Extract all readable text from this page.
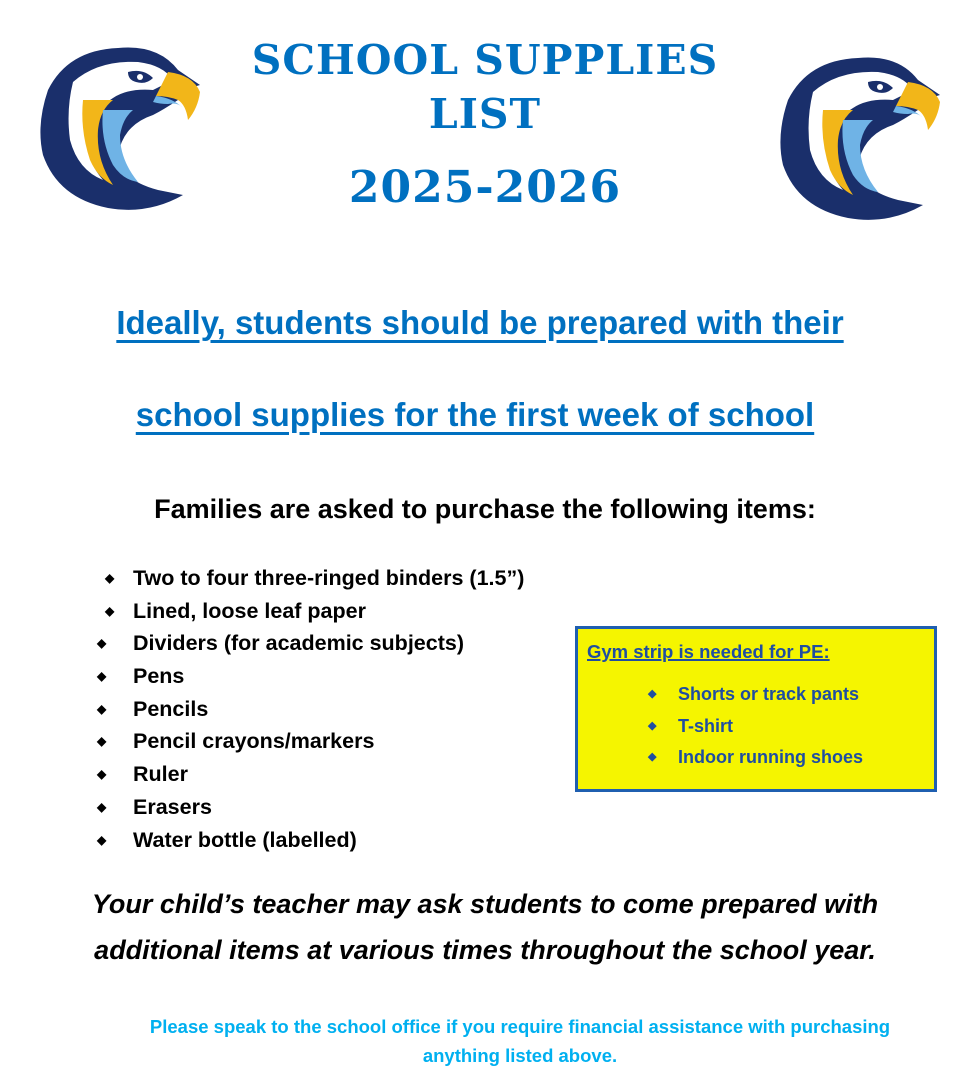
SCHOOL SUPPLIES
LIST
2025-2026
Ideally, students should be prepared with their
school supplies for the first week of school
Families are asked to purchase the following items:
◆ Two to four three-ringed binders (1.5”)
◆ Lined, loose leaf paper
◆ Dividers (for academic subjects)
◆ Pens
◆ Pencils
◆ Pencil crayons/markers
◆ Ruler
◆ Erasers
◆ Water bottle (labelled)
Gym strip is needed for PE:
◆ Shorts or track pants
◆ T-shirt
◆ Indoor running shoes
Your child’s teacher may ask students to come prepared with
additional items at various times throughout the school year.
Please speak to the school office if you require financial assistance with purchasing anything listed above.
